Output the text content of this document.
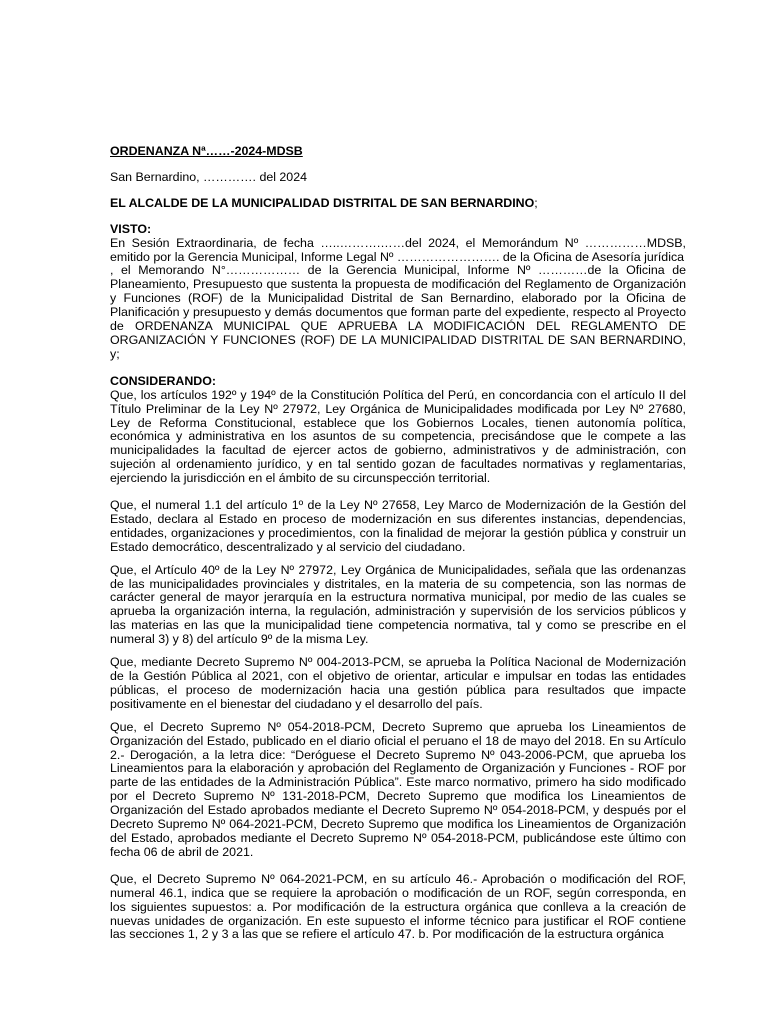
ORDENANZA Nª……-2024-MDSB

San Bernardino, …………. del 2024

EL ALCALDE DE LA MUNICIPALIDAD DISTRITAL DE SAN BERNARDINO;

VISTO:

En Sesión Extraordinaria, de fecha …..……….……del 2024, el Memorándum Nº ……………MDSB, emitido por la Gerencia Municipal, Informe Legal Nº ……………………. de la Oficina de Asesoría jurídica

, el Memorando N°……………… de la Gerencia Municipal, Informe Nº …………de la Oficina de Planeamiento, Presupuesto que sustenta la propuesta de modificación del Reglamento de Organización y Funciones (ROF) de la Municipalidad Distrital de San Bernardino, elaborado por la Oficina de Planificación y presupuesto y demás documentos que forman parte del expediente, respecto al Proyecto de ORDENANZA MUNICIPAL QUE APRUEBA LA MODIFICACIÓN DEL REGLAMENTO DE ORGANIZACIÓN Y FUNCIONES (ROF) DE LA MUNICIPALIDAD DISTRITAL DE SAN BERNARDINO, y;

CONSIDERANDO:

Que, los artículos 192º y 194º de la Constitución Política del Perú, en concordancia con el artículo II del Título Preliminar de la Ley Nº 27972, Ley Orgánica de Municipalidades modificada por Ley Nº 27680, Ley de Reforma Constitucional, establece que los Gobiernos Locales, tienen autonomía política, económica y administrativa en los asuntos de su competencia, precisándose que le compete a las municipalidades la facultad de ejercer actos de gobierno, administrativos y de administración, con sujeción al ordenamiento jurídico, y en tal sentido gozan de facultades normativas y reglamentarias, ejerciendo la jurisdicción en el ámbito de su circunspección territorial.

Que, el numeral 1.1 del artículo 1º de la Ley Nº 27658, Ley Marco de Modernización de la Gestión del Estado, declara al Estado en proceso de modernización en sus diferentes instancias, dependencias, entidades, organizaciones y procedimientos, con la finalidad de mejorar la gestión pública y construir un Estado democrático, descentralizado y al servicio del ciudadano.

Que, el Artículo 40º de la Ley Nº 27972, Ley Orgánica de Municipalidades, señala que las ordenanzas de las municipalidades provinciales y distritales, en la materia de su competencia, son las normas de carácter general de mayor jerarquía en la estructura normativa municipal, por medio de las cuales se aprueba la organización interna, la regulación, administración y supervisión de los servicios públicos y las materias en las que la municipalidad tiene competencia normativa, tal y como se prescribe en el numeral 3) y 8) del artículo 9º de la misma Ley.

Que, mediante Decreto Supremo Nº 004-2013-PCM, se aprueba la Política Nacional de Modernización de la Gestión Pública al 2021, con el objetivo de orientar, articular e impulsar en todas las entidades públicas, el proceso de modernización hacia una gestión pública para resultados que impacte positivamente en el bienestar del ciudadano y el desarrollo del país.

Que, el Decreto Supremo Nº 054-2018-PCM, Decreto Supremo que aprueba los Lineamientos de Organización del Estado, publicado en el diario oficial el peruano el 18 de mayo del 2018. En su Artículo 2.- Derogación, a la letra dice: “Deróguese el Decreto Supremo Nº 043-2006-PCM, que aprueba los Lineamientos para la elaboración y aprobación del Reglamento de Organización y Funciones - ROF por parte de las entidades de la Administración Pública”. Este marco normativo, primero ha sido modificado por el Decreto Supremo Nº 131-2018-PCM, Decreto Supremo que modifica los Lineamientos de Organización del Estado aprobados mediante el Decreto Supremo Nº 054-2018-PCM, y después por el Decreto Supremo Nº 064-2021-PCM, Decreto Supremo que modifica los Lineamientos de Organización del Estado, aprobados mediante el Decreto Supremo Nº 054-2018-PCM, publicándose este último con fecha 06 de abril de 2021.

Que, el Decreto Supremo Nº 064-2021-PCM, en su artículo 46.- Aprobación o modificación del ROF, numeral 46.1, indica que se requiere la aprobación o modificación de un ROF, según corresponda, en los siguientes supuestos: a. Por modificación de la estructura orgánica que conlleva a la creación de nuevas unidades de organización. En este supuesto el informe técnico para justificar el ROF contiene las secciones 1, 2 y 3 a las que se refiere el artículo 47. b. Por modificación de la estructura orgánica
